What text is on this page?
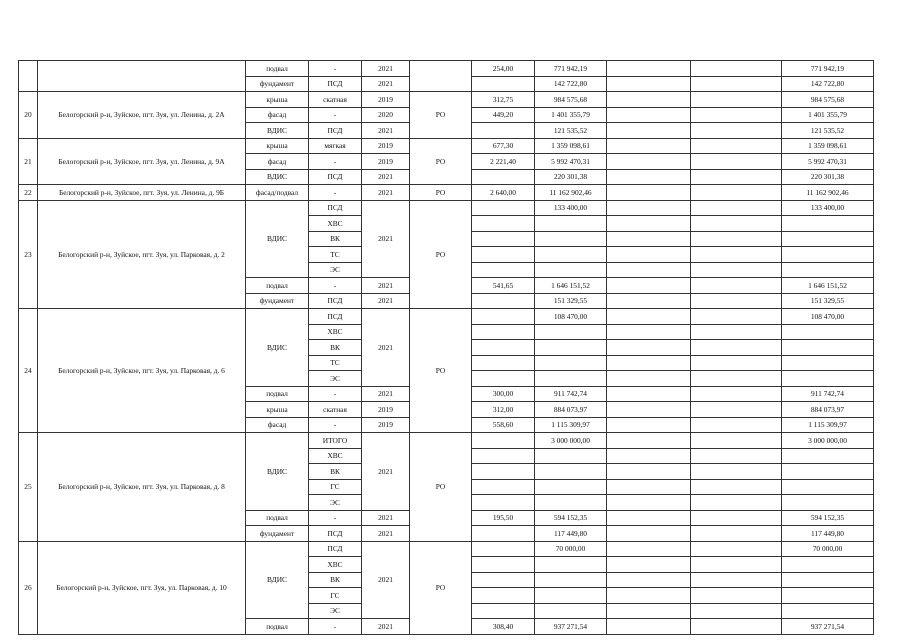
		подвал	-	2021		254,00	771 942,19			771 942,19
		фундамент	ПСД	2021			142 722,80			142 722,80
20	Белогорский р-н, Зуйское, пгт. Зуя, ул. Ленина, д. 2А	крыша	скатная	2019	РО	312,75	984 575,68			984 575,68
		фасад	-	2020		449,20	1 401 355,79			1 401 355,79
		ВДИС	ПСД	2021			121 535,52			121 535,52
21	Белогорский р-н, Зуйское, пгт. Зуя, ул. Ленина, д. 9А	крыша	мягкая	2019	РО	677,30	1 359 098,61			1 359 098,61
		фасад	-	2019		2 221,40	5 992 470,31			5 992 470,31
		ВДИС	ПСД	2021			220 301,38			220 301,38
22	Белогорский р-н, Зуйское, пгт. Зуя, ул. Ленина, д. 9Б	фасад/подвал	-	2021	РО	2 640,00	11 162 902,46			11 162 902,46
23	Белогорский р-н, Зуйское, пгт. Зуя, ул. Парковая, д. 2	ВДИС	ПСД	2021	РО		133 400,00			133 400,00
			ХВС							
			ВК							
			ТС							
			ЭС							
		подвал	-	2021		541,65	1 646 151,52			1 646 151,52
		фундамент	ПСД	2021			151 329,55			151 329,55
24	Белогорский р-н, Зуйское, пгт. Зуя, ул. Парковая, д. 6	ВДИС	ПСД	2021	РО		108 470,00			108 470,00
			ХВС							
			ВК							
			ТС							
			ЭС							
		подвал	-	2021		300,00	911 742,74			911 742,74
		крыша	скатная	2019		312,00	884 073,97			884 073,97
		фасад	-	2019		558,60	1 115 309,97			1 115 309,97
25	Белогорский р-н, Зуйское, пгт. Зуя, ул. Парковая, д. 8	ВДИС	ИТОГО	2021	РО		3 000 000,00			3 000 000,00
			ХВС							
			ВК							
			ГС							
			ЭС							
		подвал	-	2021		195,50	594 152,35			594 152,35
		фундамент	ПСД	2021			117 449,80			117 449,80
26	Белогорский р-н, Зуйское, пгт. Зуя, ул. Парковая, д. 10	ВДИС	ПСД	2021	РО		70 000,00			70 000,00
			ХВС							
			ВК							
			ГС							
			ЭС							
		подвал	-	2021		308,40	937 271,54			937 271,54
